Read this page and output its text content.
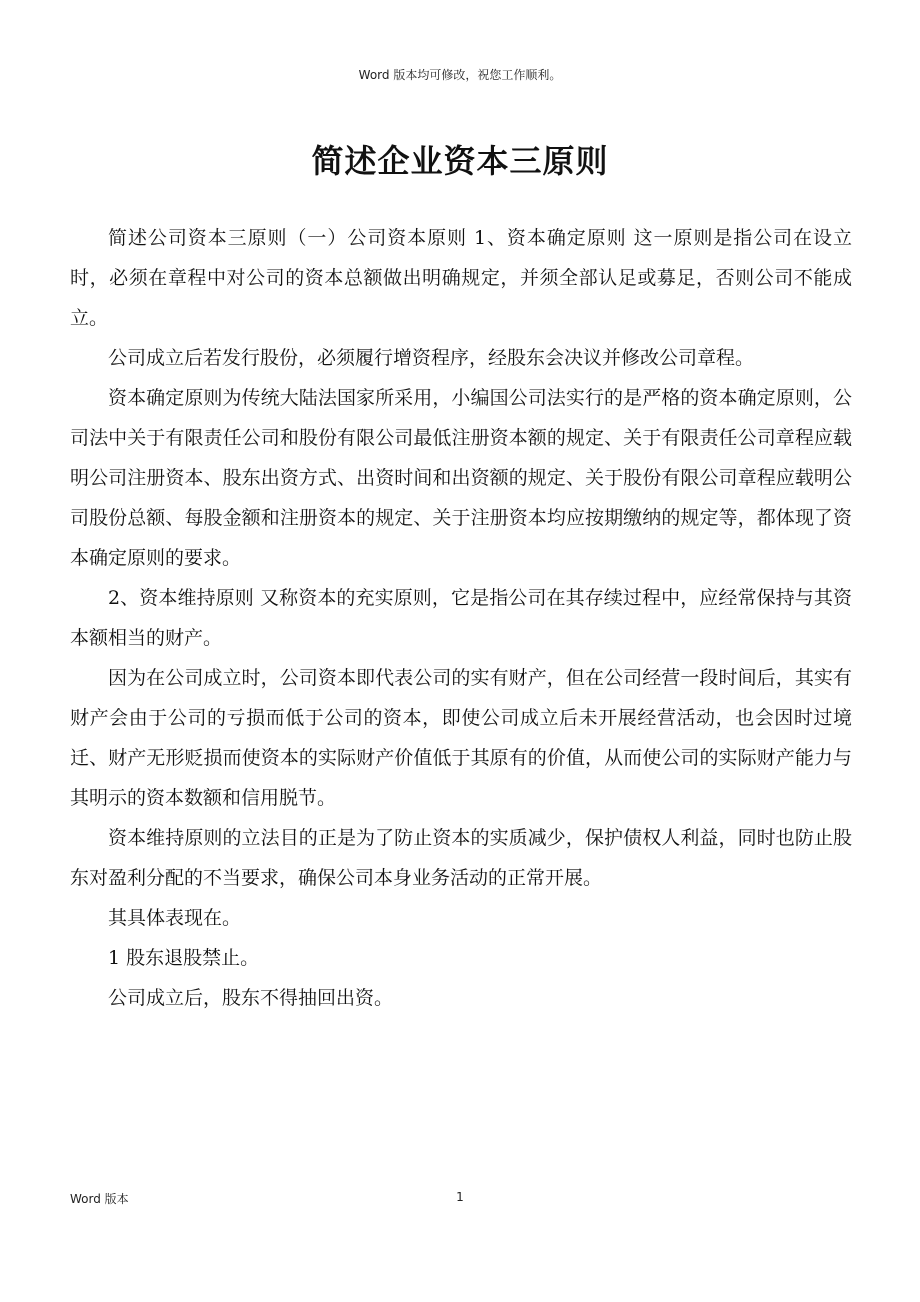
Word 版本均可修改，祝您工作顺利。
简述企业资本三原则

简述公司资本三原则（一）公司资本原则 1、资本确定原则 这一原则是指公司在设立时，必须在章程中对公司的资本总额做出明确规定，并须全部认足或募足，否则公司不能成立。

公司成立后若发行股份，必须履行增资程序，经股东会决议并修改公司章程。

资本确定原则为传统大陆法国家所采用，小编国公司法实行的是严格的资本确定原则，公司法中关于有限责任公司和股份有限公司最低注册资本额的规定、关于有限责任公司章程应载明公司注册资本、股东出资方式、出资时间和出资额的规定、关于股份有限公司章程应载明公司股份总额、每股金额和注册资本的规定、关于注册资本均应按期缴纳的规定等，都体现了资本确定原则的要求。

2、资本维持原则 又称资本的充实原则，它是指公司在其存续过程中，应经常保持与其资本额相当的财产。

因为在公司成立时，公司资本即代表公司的实有财产，但在公司经营一段时间后，其实有财产会由于公司的亏损而低于公司的资本，即使公司成立后未开展经营活动，也会因时过境迁、财产无形贬损而使资本的实际财产价值低于其原有的价值，从而使公司的实际财产能力与其明示的资本数额和信用脱节。

资本维持原则的立法目的正是为了防止资本的实质减少，保护债权人利益，同时也防止股东对盈利分配的不当要求，确保公司本身业务活动的正常开展。

其具体表现在。

1 股东退股禁止。

公司成立后，股东不得抽回出资。

Word 版本	1
